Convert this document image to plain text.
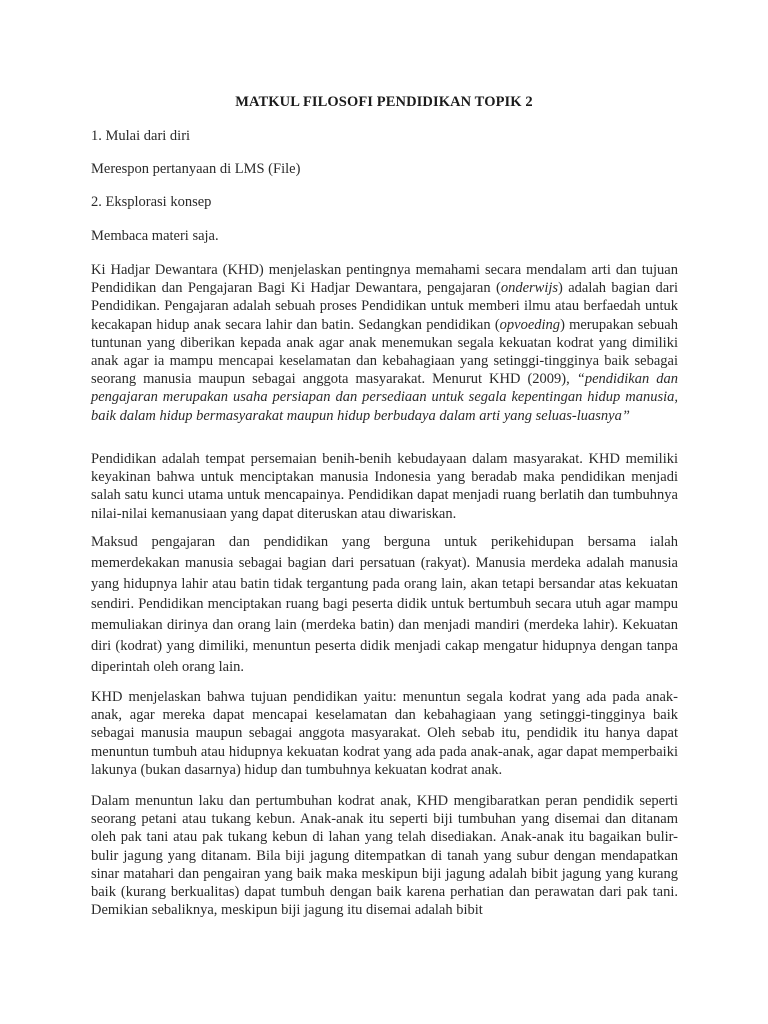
MATKUL FILOSOFI PENDIDIKAN TOPIK 2
1. Mulai dari diri
Merespon pertanyaan di LMS (File)
2. Eksplorasi konsep
Membaca materi saja.

Ki Hadjar Dewantara (KHD) menjelaskan pentingnya memahami secara mendalam arti dan tujuan Pendidikan dan Pengajaran Bagi Ki Hadjar Dewantara, pengajaran (onderwijs) adalah bagian dari Pendidikan. Pengajaran adalah sebuah proses Pendidikan untuk memberi ilmu atau berfaedah untuk kecakapan hidup anak secara lahir dan batin. Sedangkan pendidikan (opvoeding) merupakan sebuah tuntunan yang diberikan kepada anak agar anak menemukan segala kekuatan kodrat yang dimiliki anak agar ia mampu mencapai keselamatan dan kebahagiaan yang setinggi-tingginya baik sebagai seorang manusia maupun sebagai anggota masyarakat. Menurut KHD (2009), “pendidikan dan pengajaran merupakan usaha persiapan dan persediaan untuk segala kepentingan hidup manusia, baik dalam hidup bermasyarakat maupun hidup berbudaya dalam arti yang seluas-luasnya”

Pendidikan adalah tempat persemaian benih-benih kebudayaan dalam masyarakat. KHD memiliki keyakinan bahwa untuk menciptakan manusia Indonesia yang beradab maka pendidikan menjadi salah satu kunci utama untuk mencapainya. Pendidikan dapat menjadi ruang berlatih dan tumbuhnya nilai-nilai kemanusiaan yang dapat diteruskan atau diwariskan.

Maksud pengajaran dan pendidikan yang berguna untuk perikehidupan bersama ialah memerdekakan manusia sebagai bagian dari persatuan (rakyat). Manusia merdeka adalah manusia yang hidupnya lahir atau batin tidak tergantung pada orang lain, akan tetapi bersandar atas kekuatan sendiri. Pendidikan menciptakan ruang bagi peserta didik untuk bertumbuh secara utuh agar mampu memuliakan dirinya dan orang lain (merdeka batin) dan menjadi mandiri (merdeka lahir). Kekuatan diri (kodrat) yang dimiliki, menuntun peserta didik menjadi cakap mengatur hidupnya dengan tanpa diperintah oleh orang lain.

KHD menjelaskan bahwa tujuan pendidikan yaitu: menuntun segala kodrat yang ada pada anak-anak, agar mereka dapat mencapai keselamatan dan kebahagiaan yang setinggi-tingginya baik sebagai manusia maupun sebagai anggota masyarakat. Oleh sebab itu, pendidik itu hanya dapat menuntun tumbuh atau hidupnya kekuatan kodrat yang ada pada anak-anak, agar dapat memperbaiki lakunya (bukan dasarnya) hidup dan tumbuhnya kekuatan kodrat anak.

Dalam menuntun laku dan pertumbuhan kodrat anak, KHD mengibaratkan peran pendidik seperti seorang petani atau tukang kebun. Anak-anak itu seperti biji tumbuhan yang disemai dan ditanam oleh pak tani atau pak tukang kebun di lahan yang telah disediakan. Anak-anak itu bagaikan bulir-bulir jagung yang ditanam. Bila biji jagung ditempatkan di tanah yang subur dengan mendapatkan sinar matahari dan pengairan yang baik maka meskipun biji jagung adalah bibit jagung yang kurang baik (kurang berkualitas) dapat tumbuh dengan baik karena perhatian dan perawatan dari pak tani. Demikian sebaliknya, meskipun biji jagung itu disemai adalah bibit
